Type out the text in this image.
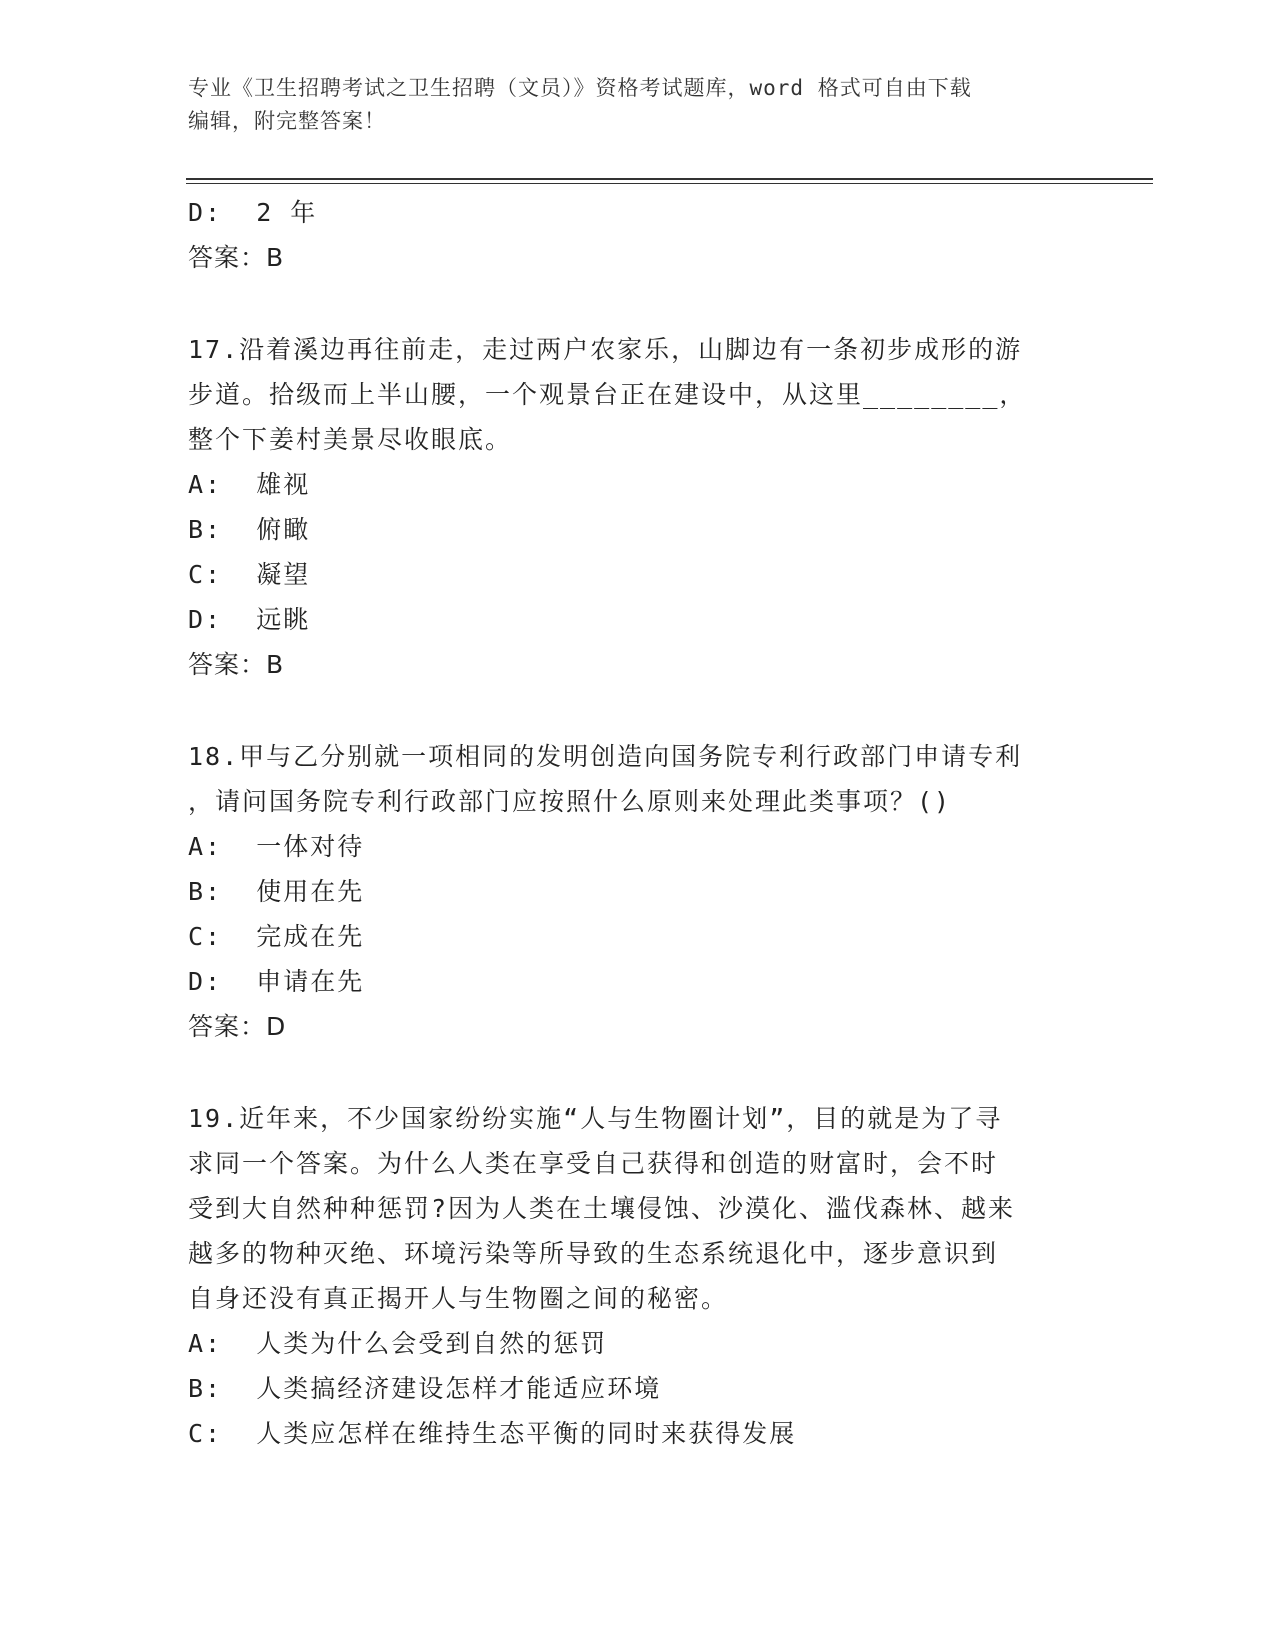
专业《卫生招聘考试之卫生招聘（文员）》资格考试题库，word 格式可自由下载
编辑，附完整答案！
D:  2 年
答案：B
17.沿着溪边再往前走，走过两户农家乐，山脚边有一条初步成形的游
步道。拾级而上半山腰，一个观景台正在建设中，从这里________，
整个下姜村美景尽收眼底。
A:  雄视
B:  俯瞰
C:  凝望
D:  远眺
答案：B
18.甲与乙分别就一项相同的发明创造向国务院专利行政部门申请专利
，请问国务院专利行政部门应按照什么原则来处理此类事项？()
A:  一体对待
B:  使用在先
C:  完成在先
D:  申请在先
答案：D
19.近年来，不少国家纷纷实施“人与生物圈计划”，目的就是为了寻
求同一个答案。为什么人类在享受自己获得和创造的财富时，会不时
受到大自然种种惩罚?因为人类在土壤侵蚀、沙漠化、滥伐森林、越来
越多的物种灭绝、环境污染等所导致的生态系统退化中，逐步意识到
自身还没有真正揭开人与生物圈之间的秘密。
A:  人类为什么会受到自然的惩罚
B:  人类搞经济建设怎样才能适应环境
C:  人类应怎样在维持生态平衡的同时来获得发展
